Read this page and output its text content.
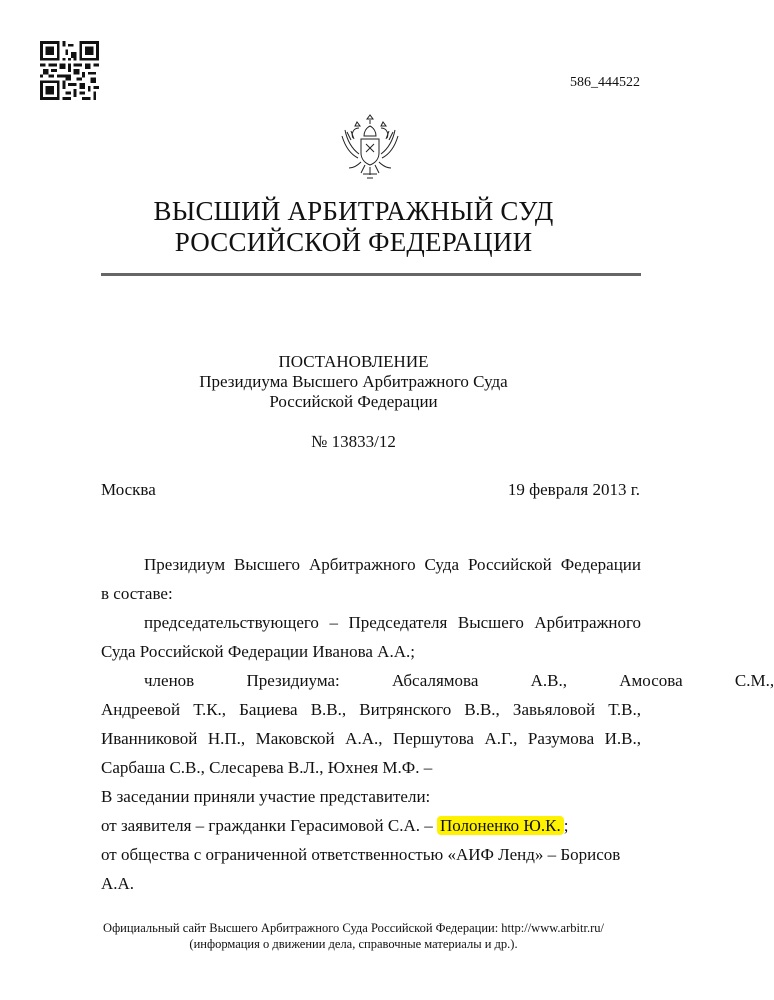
586_444522
ВЫСШИЙ АРБИТРАЖНЫЙ СУД
РОССИЙСКОЙ ФЕДЕРАЦИИ
ПОСТАНОВЛЕНИЕ
Президиума Высшего Арбитражного Суда
Российской Федерации
№ 13833/12
Москва	19 февраля 2013 г.
Президиум Высшего Арбитражного Суда Российской Федерации
в составе:
председательствующего – Председателя Высшего Арбитражного
Суда Российской Федерации Иванова А.А.;
членов Президиума: Абсалямова А.В., Амосова С.М.,
Андреевой Т.К., Бациева В.В., Витрянского В.В., Завьяловой Т.В.,
Иванниковой Н.П., Маковской А.А., Першутова А.Г., Разумова И.В.,
Сарбаша С.В., Слесарева В.Л., Юхнея М.Ф. –
В заседании приняли участие представители:
от заявителя – гражданки Герасимовой С.А. – Полоненко Ю.К. ;
от общества с ограниченной ответственностью «АИФ Ленд» – Борисов
А.А.
Официальный сайт Высшего Арбитражного Суда Российской Федерации: http://www.arbitr.ru/
(информация о движении дела, справочные материалы и др.).
